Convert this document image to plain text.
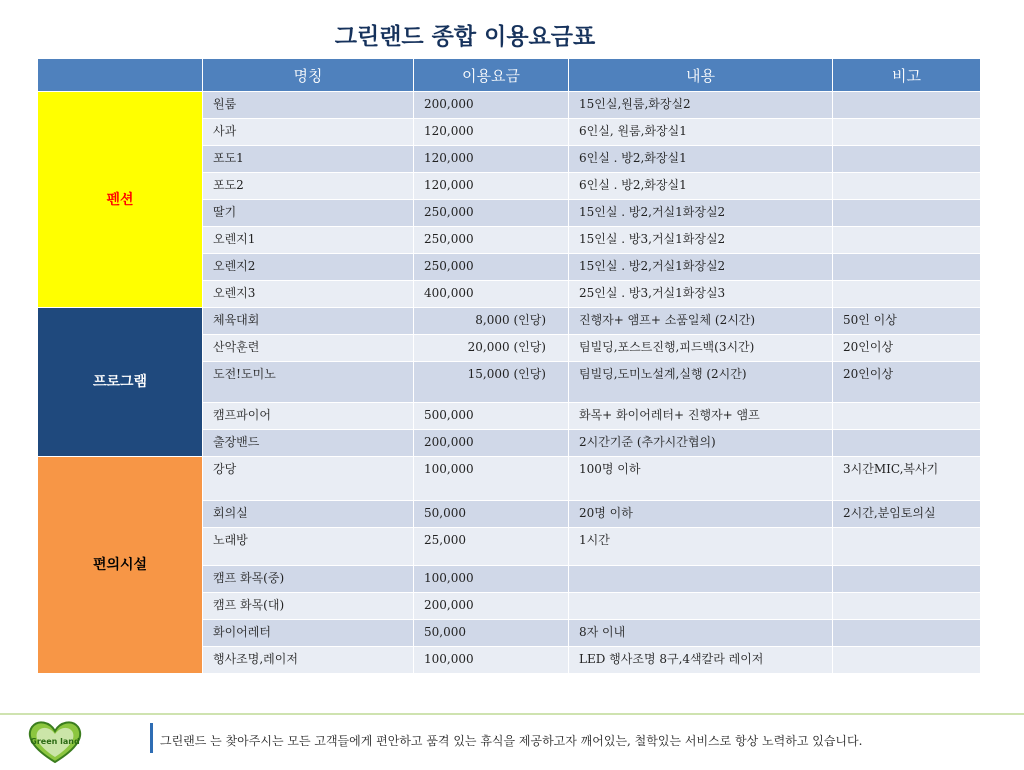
그린랜드 종합 이용요금표
	명칭	이용요금	내용	비고
펜션	원룸	200,000	15인실,원룸,화장실2	
	사과	120,000	6인실, 원룸,화장실1	
	포도1	120,000	6인실 . 방2,화장실1	
	포도2	120,000	6인실 . 방2,화장실1	
	딸기	250,000	15인실 . 방2,거실1화장실2	
	오렌지1	250,000	15인실 . 방3,거실1화장실2	
	오렌지2	250,000	15인실 . 방2,거실1화장실2	
	오렌지3	400,000	25인실 . 방3,거실1화장실3	
프로그램	체육대회	8,000 (인당)	진행자+ 앰프+ 소품일체 (2시간)	50인 이상
	산악훈련	20,000 (인당)	팀빌딩,포스트진행,피드백(3시간)	20인이상
	도전!도미노	15,000 (인당)	팀빌딩,도미노설계,실행 (2시간)	20인이상
	캠프파이어	500,000	화목+ 화이어레터+ 진행자+ 앰프	
	출장밴드	200,000	2시간기준 (추가시간협의)	
편의시설	강당	100,000	100명 이하	3시간MIC,복사기
	회의실	50,000	20명 이하	2시간,분임토의실
	노래방	25,000	1시간	
	캠프 화목(중)	100,000		
	캠프 화목(대)	200,000		
	화이어레터	50,000	8자 이내	
	행사조명,레이저	100,000	LED 행사조명 8구,4색칼라 레이저	
Green land	그린랜드 는 찾아주시는 모든 고객들에게 편안하고 품격 있는 휴식을 제공하고자 깨어있는, 철학있는 서비스로 항상 노력하고 있습니다.
